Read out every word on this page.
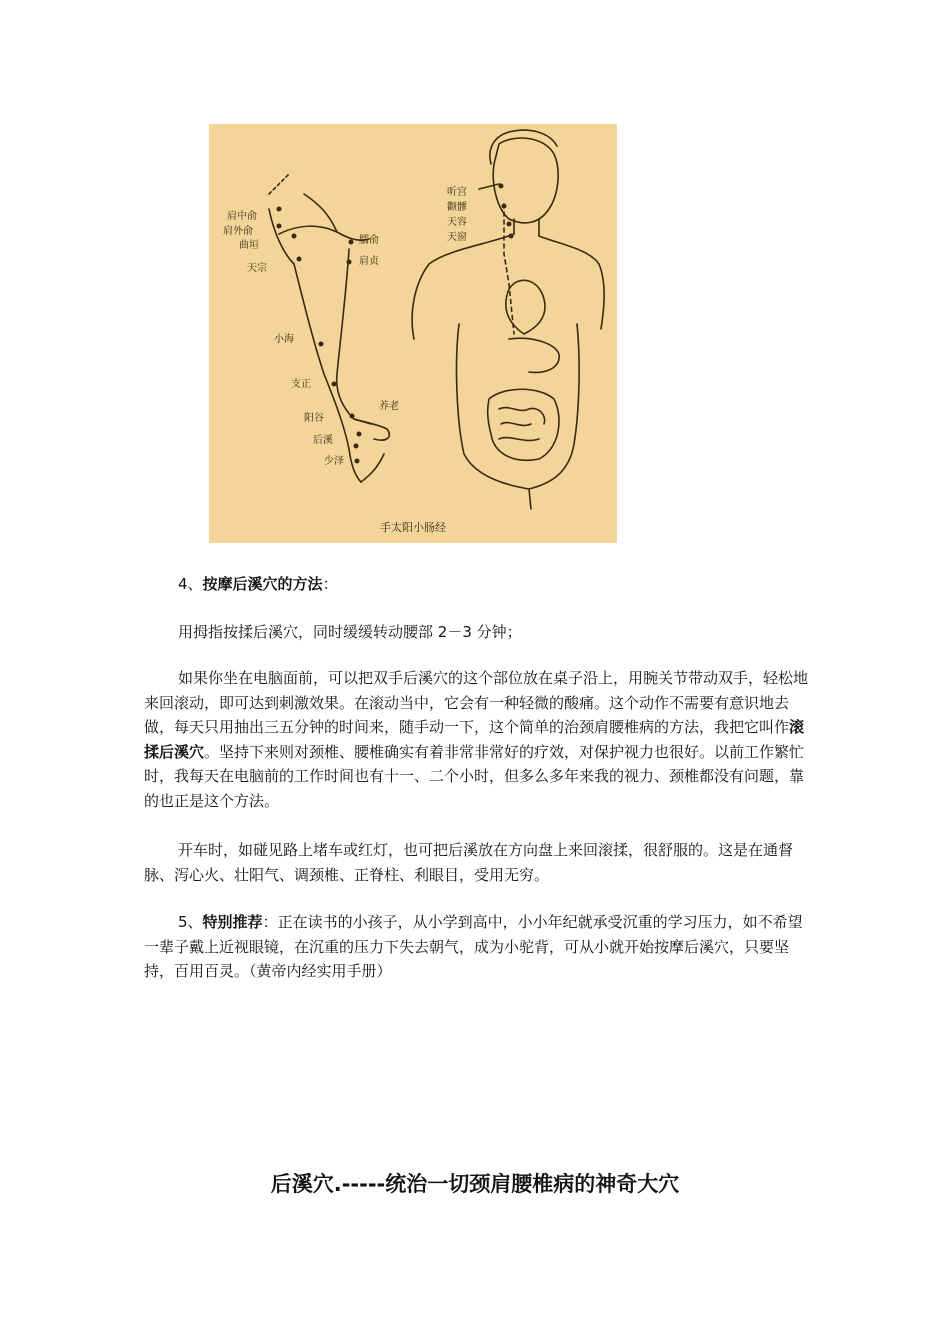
肩中俞
肩外俞
曲垣
天宗
臑俞
肩贞
小海
支正
养老
阳谷
后溪
少泽
听宫
颧髎
天容
天窗
手太阳小肠经

4、按摩后溪穴的方法：

用拇指按揉后溪穴，同时缓缓转动腰部 2－3 分钟；

如果你坐在电脑面前，可以把双手后溪穴的这个部位放在桌子沿上，用腕关节带动双手，轻松地来回滚动，即可达到刺激效果。在滚动当中，它会有一种轻微的酸痛。这个动作不需要有意识地去做，每天只用抽出三五分钟的时间来，随手动一下，这个简单的治颈肩腰椎病的方法，我把它叫作滚揉后溪穴。坚持下来则对颈椎、腰椎确实有着非常非常好的疗效，对保护视力也很好。以前工作繁忙时，我每天在电脑前的工作时间也有十一、二个小时，但多么多年来我的视力、颈椎都没有问题，靠的也正是这个方法。

开车时，如碰见路上堵车或红灯，也可把后溪放在方向盘上来回滚揉，很舒服的。这是在通督脉、泻心火、壮阳气、调颈椎、正脊柱、利眼目，受用无穷。

5、特别推荐：正在读书的小孩子，从小学到高中，小小年纪就承受沉重的学习压力，如不希望一辈子戴上近视眼镜，在沉重的压力下失去朝气，成为小驼背，可从小就开始按摩后溪穴，只要坚持，百用百灵。（黄帝内经实用手册）

后溪穴.-----统治一切颈肩腰椎病的神奇大穴
